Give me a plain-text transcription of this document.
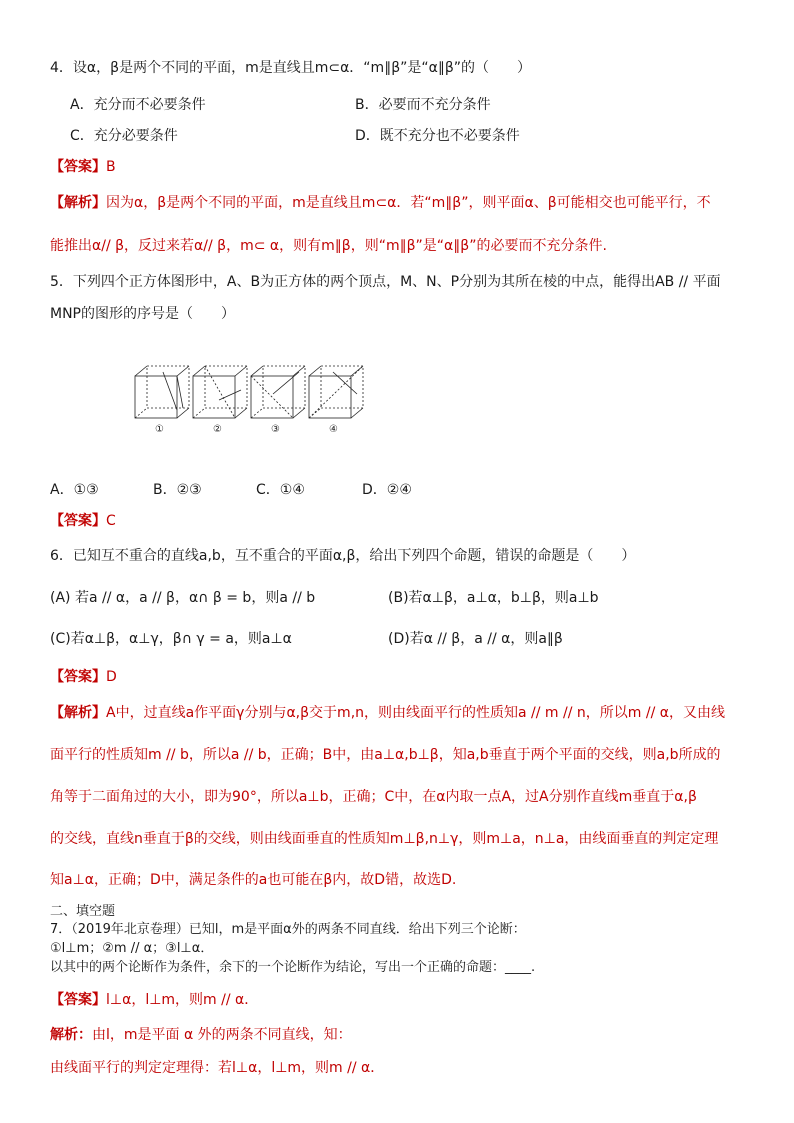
4．设α，β是两个不同的平面，m是直线且m⊂α．“m∥β”是“α∥β”的（　　）
A．充分而不必要条件	B．必要而不充分条件
C．充分必要条件	D．既不充分也不必要条件
【答案】B
【解析】因为α，β是两个不同的平面，m是直线且m⊂α．若“m∥β”，则平面α、β可能相交也可能平行，不
能推出α// β，反过来若α// β，m⊂ α，则有m∥β，则“m∥β”是“α∥β”的必要而不充分条件.
5．下列四个正方体图形中，A、B为正方体的两个顶点，M、N、P分别为其所在棱的中点，能得出AB // 平面
MNP的图形的序号是（　　）
①	②	③	④
A．①③	B．②③	C．①④	D．②④
【答案】C
6．已知互不重合的直线a,b，互不重合的平面α,β，给出下列四个命题，错误的命题是（　　）
(A) 若a // α，a // β，α∩ β = b，则a // b	(B)若α⊥β，a⊥α，b⊥β，则a⊥b
(C)若α⊥β，α⊥γ，β∩ γ = a，则a⊥α	(D)若α // β，a // α，则a∥β
【答案】D
【解析】A中，过直线a作平面γ分别与α,β交于m,n，则由线面平行的性质知a // m // n，所以m // α，又由线
面平行的性质知m // b，所以a // b，正确；B中，由a⊥α,b⊥β，知a,b垂直于两个平面的交线，则a,b所成的
角等于二面角过的大小，即为90°，所以a⊥b，正确；C中，在α内取一点A，过A分别作直线m垂直于α,β
的交线，直线n垂直于β的交线，则由线面垂直的性质知m⊥β,n⊥γ，则m⊥a，n⊥a，由线面垂直的判定定理
知a⊥α，正确；D中，满足条件的a也可能在β内，故D错，故选D.
二、填空题
7．（2019年北京卷理）已知l，m是平面α外的两条不同直线．给出下列三个论断：
①l⊥m；②m // α；③l⊥α．
以其中的两个论断作为条件，余下的一个论断作为结论，写出一个正确的命题：____.
【答案】l⊥α，l⊥m，则m // α．
解析：由l，m是平面 α 外的两条不同直线，知：
由线面平行的判定定理得：若l⊥α，l⊥m，则m // α．
